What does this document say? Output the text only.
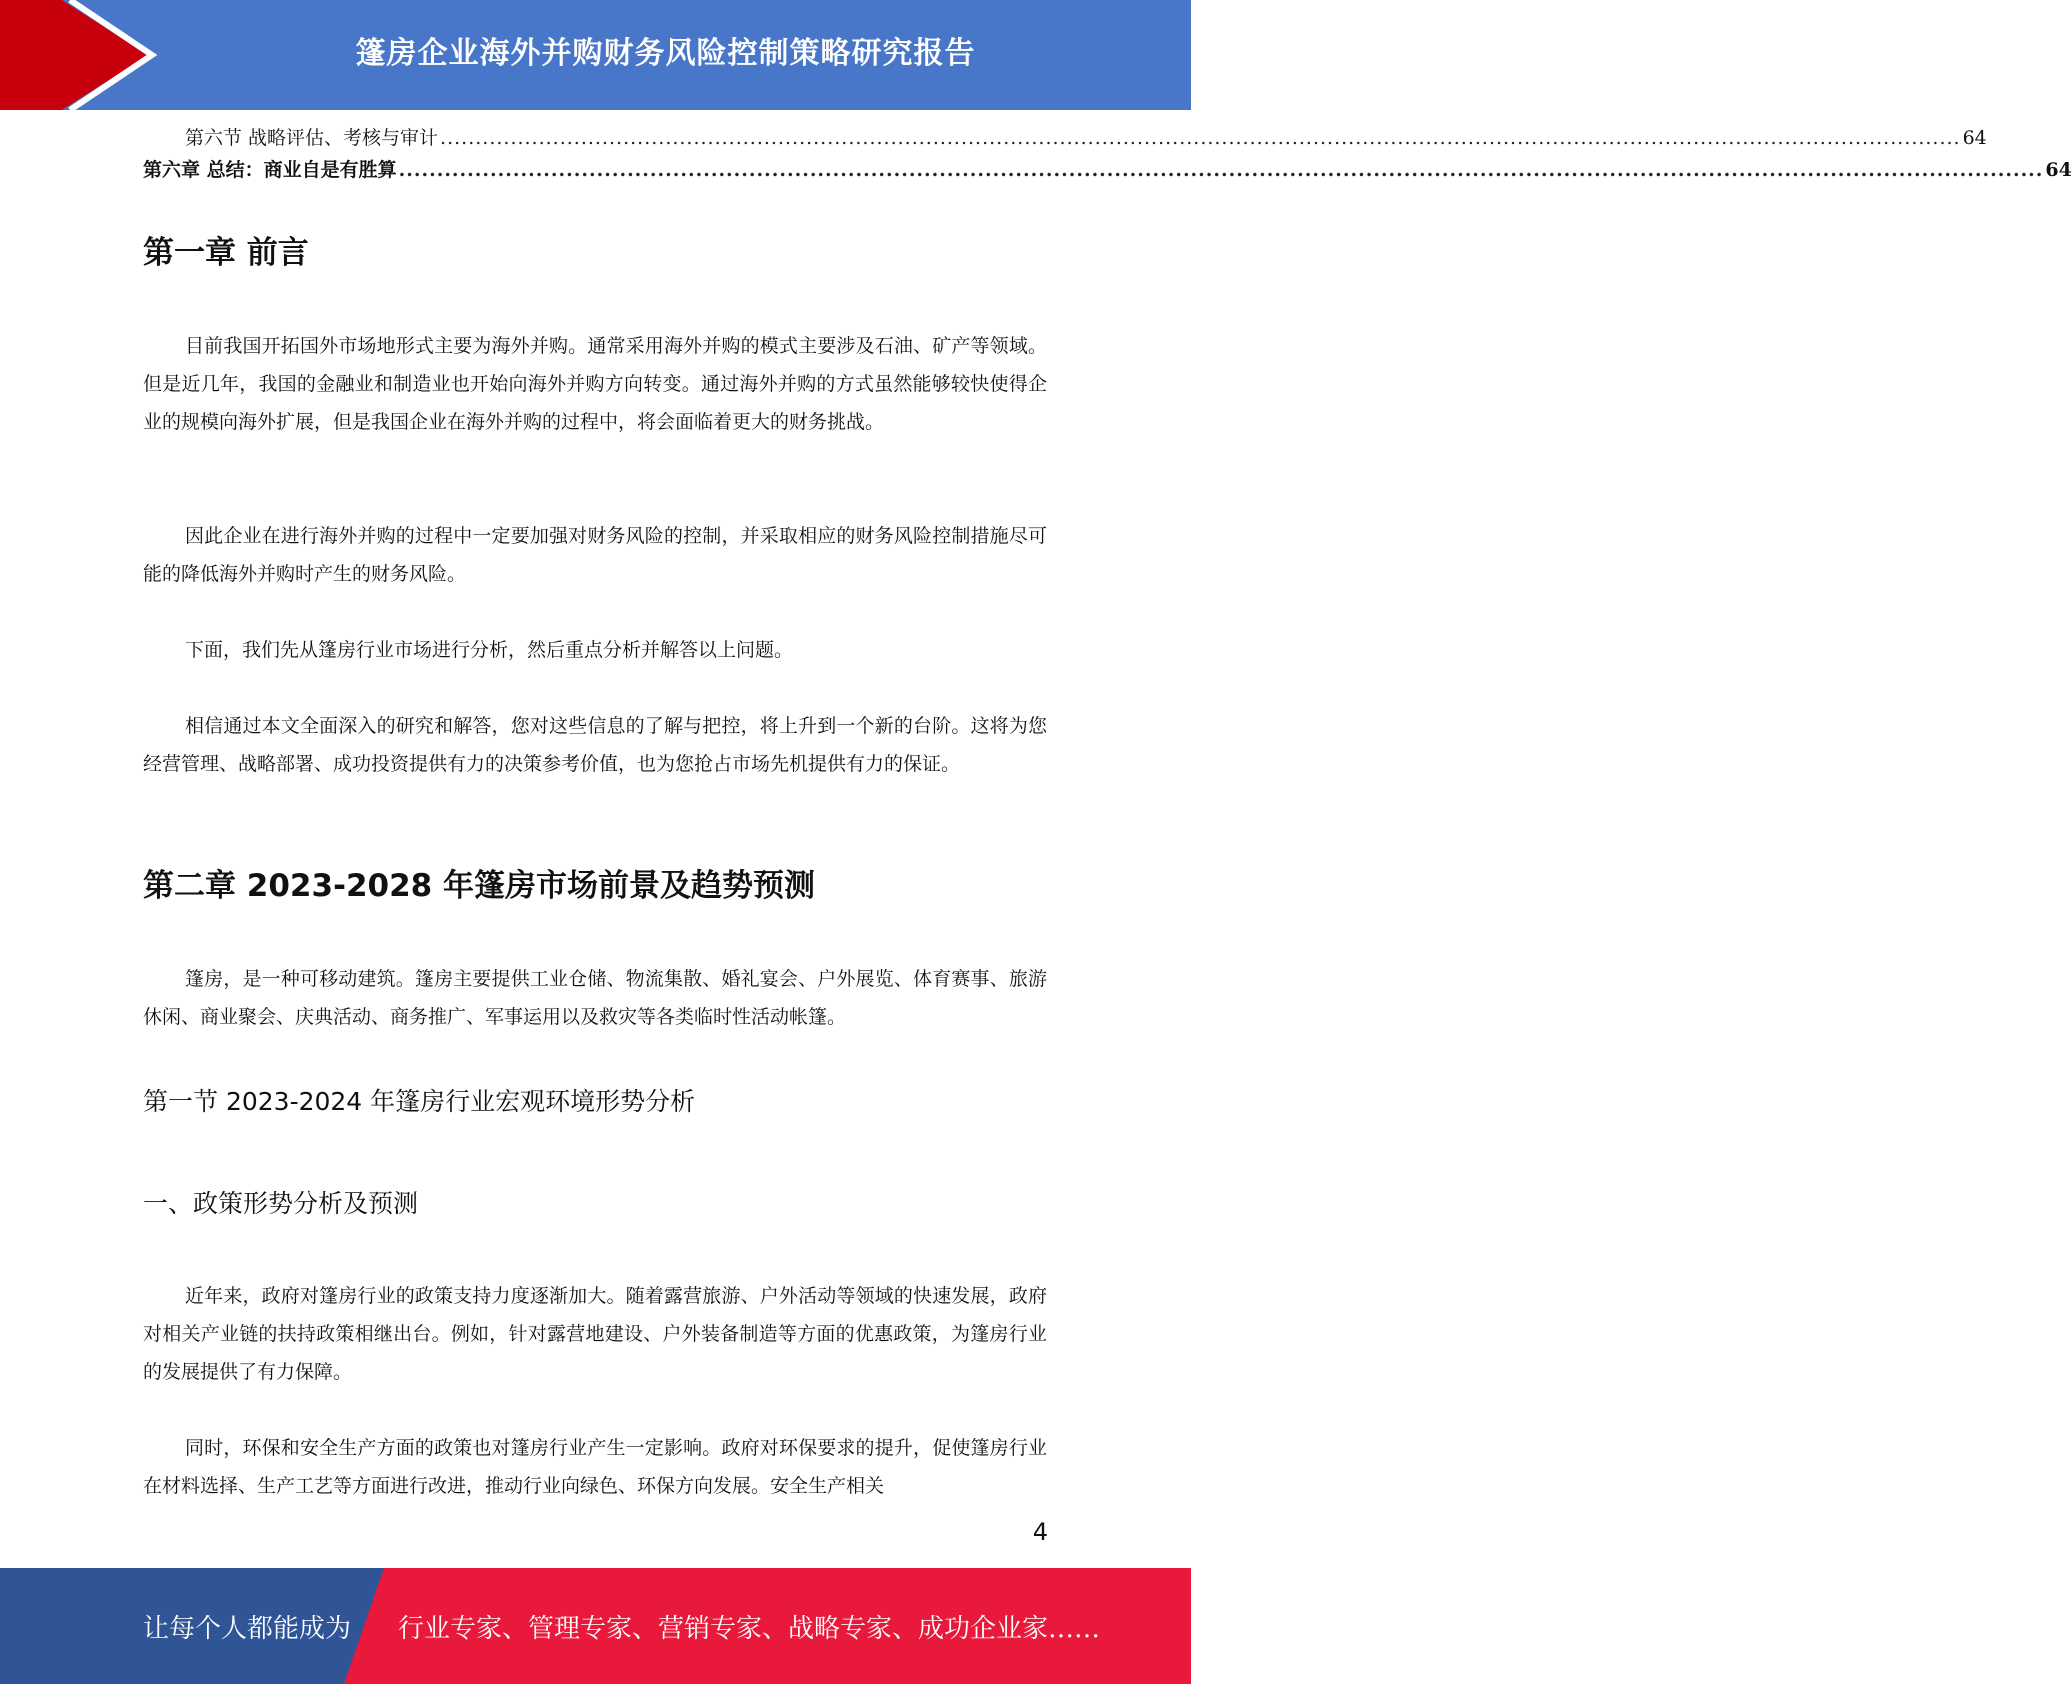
篷房企业海外并购财务风险控制策略研究报告
第六节 战略评估、考核与审计 ........................................................................................................................................................................................................................ 64
第六章 总结：商业自是有胜算 ........................................................................................................................................................................................................................ 64
第一章 前言

目前我国开拓国外市场地形式主要为海外并购。通常采用海外并购的模式主要涉及石油、矿产等领域。但是近几年，我国的金融业和制造业也开始向海外并购方向转变。通过海外并购的方式虽然能够较快使得企业的规模向海外扩展，但是我国企业在海外并购的过程中，将会面临着更大的财务挑战。

因此企业在进行海外并购的过程中一定要加强对财务风险的控制，并采取相应的财务风险控制措施尽可能的降低海外并购时产生的财务风险。

下面，我们先从篷房行业市场进行分析，然后重点分析并解答以上问题。

相信通过本文全面深入的研究和解答，您对这些信息的了解与把控，将上升到一个新的台阶。这将为您经营管理、战略部署、成功投资提供有力的决策参考价值，也为您抢占市场先机提供有力的保证。

第二章 2023-2028 年篷房市场前景及趋势预测

篷房，是一种可移动建筑。篷房主要提供工业仓储、物流集散、婚礼宴会、户外展览、体育赛事、旅游休闲、商业聚会、庆典活动、商务推广、军事运用以及救灾等各类临时性活动帐篷。

第一节 2023-2024 年篷房行业宏观环境形势分析
一、政策形势分析及预测

近年来，政府对篷房行业的政策支持力度逐渐加大。随着露营旅游、户外活动等领域的快速发展，政府对相关产业链的扶持政策相继出台。例如，针对露营地建设、户外装备制造等方面的优惠政策，为篷房行业的发展提供了有力保障。

同时，环保和安全生产方面的政策也对篷房行业产生一定影响。政府对环保要求的提升，促使篷房行业在材料选择、生产工艺等方面进行改进，推动行业向绿色、环保方向发展。安全生产相关

4
让每个人都能成为 行业专家、管理专家、营销专家、战略专家、成功企业家……
